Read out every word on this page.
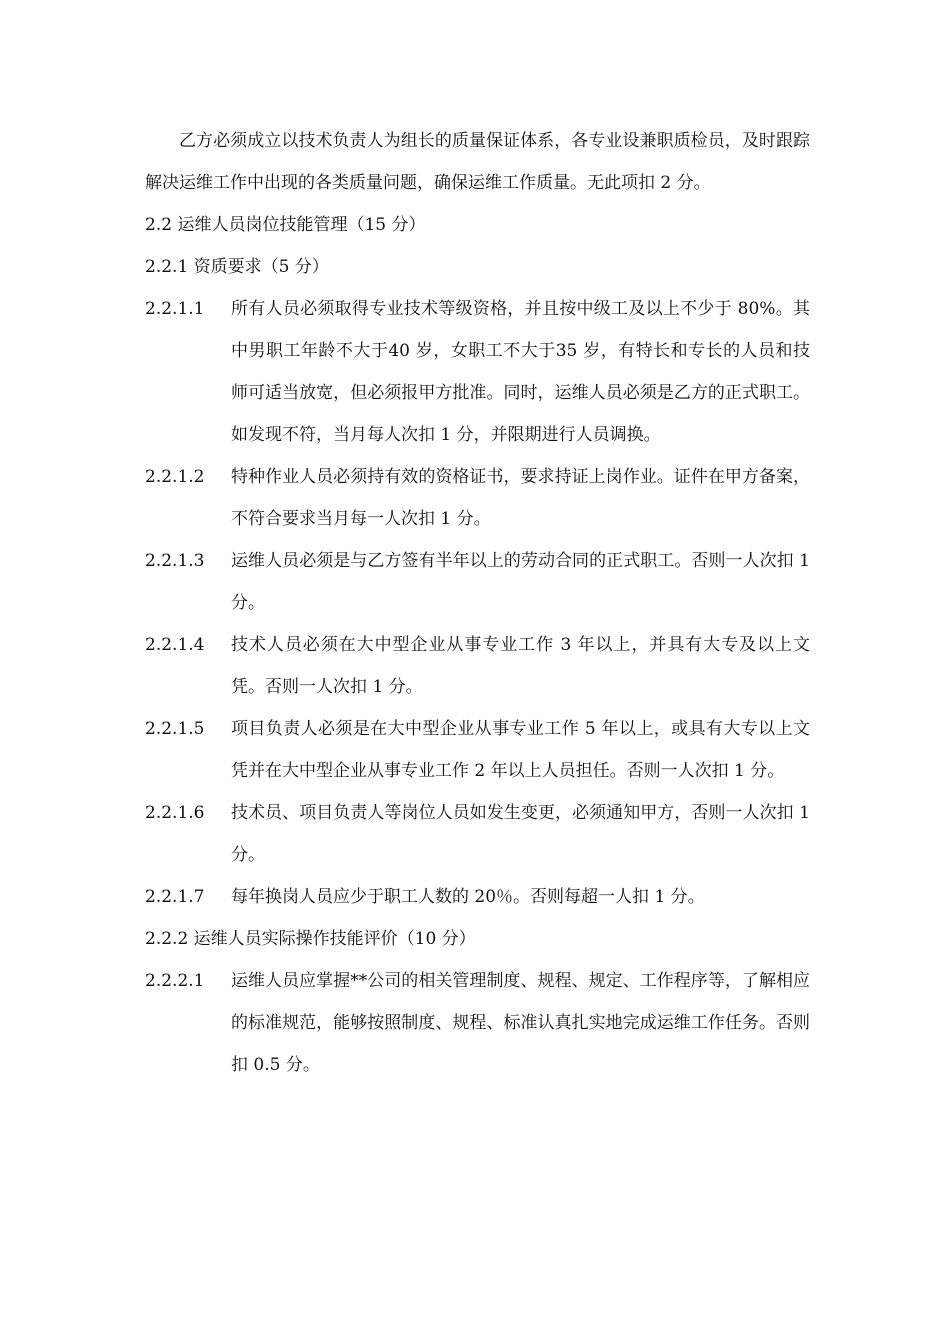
乙方必须成立以技术负责人为组长的质量保证体系，各专业设兼职质检员，及时跟踪解决运维工作中出现的各类质量问题，确保运维工作质量。无此项扣 2 分。

2.2 运维人员岗位技能管理（15 分）

2.2.1 资质要求（5 分）

2.2.1.1	所有人员必须取得专业技术等级资格，并且按中级工及以上不少于 80%。其中男职工年龄不大于40 岁，女职工不大于35 岁，有特长和专长的人员和技师可适当放宽，但必须报甲方批准。同时，运维人员必须是乙方的正式职工。如发现不符，当月每人次扣 1 分，并限期进行人员调换。
2.2.1.2	特种作业人员必须持有效的资格证书，要求持证上岗作业。证件在甲方备案，不符合要求当月每一人次扣 1 分。
2.2.1.3	运维人员必须是与乙方签有半年以上的劳动合同的正式职工。否则一人次扣 1 分。
2.2.1.4	技术人员必须在大中型企业从事专业工作 3 年以上，并具有大专及以上文凭。否则一人次扣 1 分。
2.2.1.5	项目负责人必须是在大中型企业从事专业工作 5 年以上，或具有大专以上文凭并在大中型企业从事专业工作 2 年以上人员担任。否则一人次扣 1 分。
2.2.1.6	技术员、项目负责人等岗位人员如发生变更，必须通知甲方，否则一人次扣 1 分。
2.2.1.7	每年换岗人员应少于职工人数的 20％。否则每超一人扣 1 分。

2.2.2 运维人员实际操作技能评价（10 分）

2.2.2.1	运维人员应掌握**公司的相关管理制度、规程、规定、工作程序等，了解相应的标准规范，能够按照制度、规程、标准认真扎实地完成运维工作任务。否则扣 0.5 分。
